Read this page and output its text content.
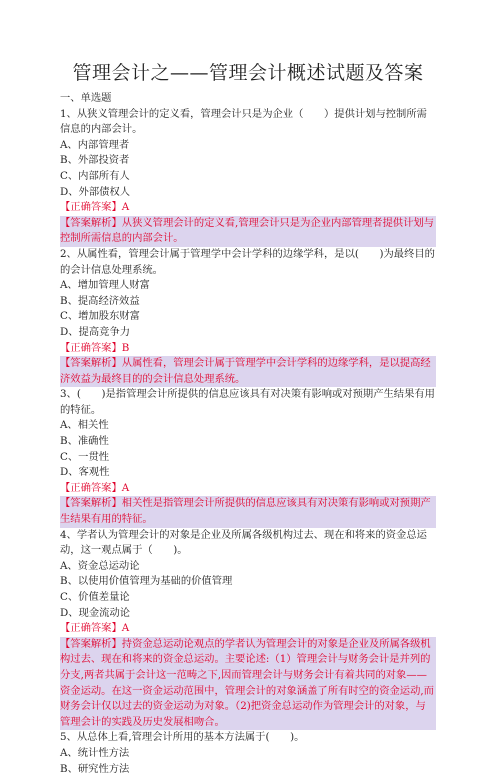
管理会计之——管理会计概述试题及答案
一、单选题
1、从狭义管理会计的定义看，管理会计只是为企业（　　）提供计划与控制所需信息的内部会计。
A、内部管理者
B、外部投资者
C、内部所有人
D、外部债权人
【正确答案】A
【答案解析】从狭义管理会计的定义看,管理会计只是为企业内部管理者提供计划与控制所需信息的内部会计。
2、从属性看，管理会计属于管理学中会计学科的边缘学科，是以(　　)为最终目的的会计信息处理系统。
A、增加管理人财富
B、提高经济效益
C、增加股东财富
D、提高竞争力
【正确答案】B
【答案解析】从属性看，管理会计属于管理学中会计学科的边缘学科，是以提高经济效益为最终目的的会计信息处理系统。
3、(　　)是指管理会计所提供的信息应该具有对决策有影响或对预期产生结果有用的特征。
A、相关性
B、准确性
C、一贯性
D、客观性
【正确答案】A
【答案解析】相关性是指管理会计所提供的信息应该具有对决策有影响或对预期产生结果有用的特征。
4、学者认为管理会计的对象是企业及所属各级机构过去、现在和将来的资金总运动，这一观点属于（　　)。
A、资金总运动论
B、以使用价值管理为基础的价值管理
C、价值差量论
D、现金流动论
【正确答案】A
【答案解析】持资金总运动论观点的学者认为管理会计的对象是企业及所属各级机构过去、现在和将来的资金总运动。主要论述:（1）管理会计与财务会计是并列的分支,两者共属于会计这一范畴之下,因而管理会计与财务会计有着共同的对象——资金运动。在这一资金运动范围中，管理会计的对象涵盖了所有时空的资金运动,而财务会计仅以过去的资金运动为对象。（2)把资金总运动作为管理会计的对象，与管理会计的实践及历史发展相吻合。
5、从总体上看,管理会计所用的基本方法属于(　　)。
A、统计性方法
B、研究性方法
